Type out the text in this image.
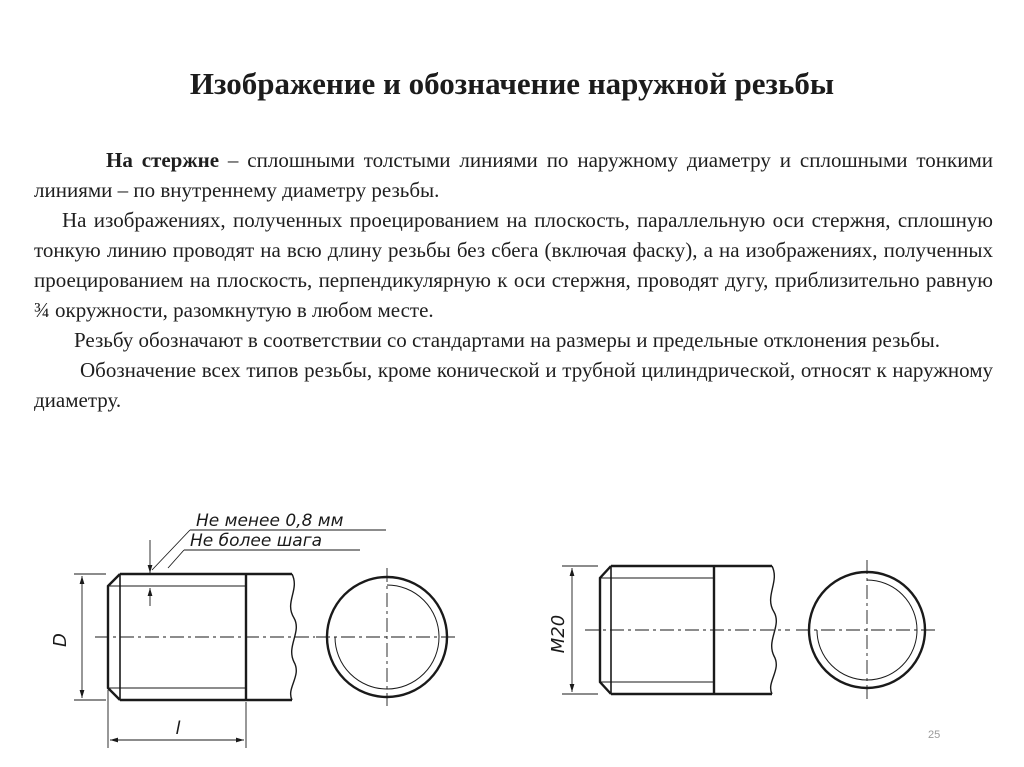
Изображение и обозначение наружной резьбы

На стержне – сплошными толстыми линиями по наружному диаметру и сплошными тонкими линиями – по внутреннему диаметру резьбы.

На изображениях, полученных проецированием на плоскость, параллельную оси стержня, сплошную тонкую линию проводят на всю длину резьбы без сбега (включая фаску), а на изображениях, полученных проецированием на плоскость, перпендикулярную к оси стержня, проводят дугу, приблизительно равную ¾ окружности, разомкнутую в любом месте.

Резьбу обозначают в соответствии со стандартами на размеры и предельные отклонения резьбы.

Обозначение всех типов резьбы, кроме конической и трубной цилиндрической, относят к наружному диаметру.

D
l
Не менее 0,8 мм
Не более шага
M20
25
